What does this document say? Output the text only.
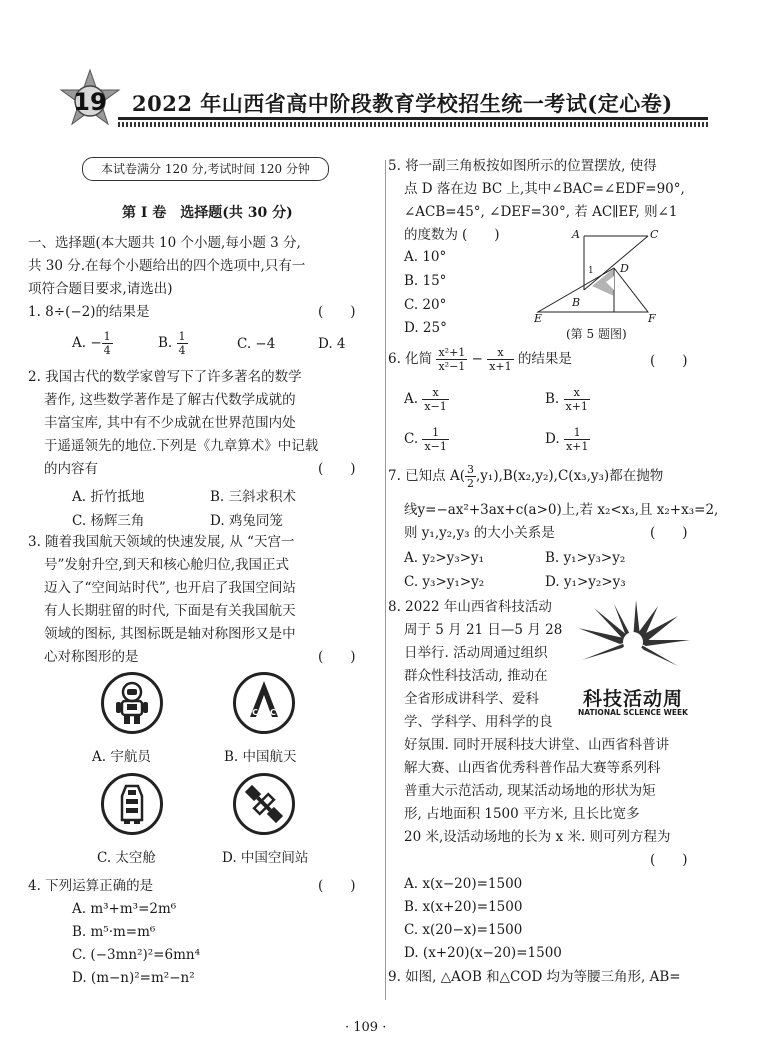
19	2022 年山西省高中阶段教育学校招生统一考试(定心卷)
本试卷满分 120 分,考试时间 120 分钟
第 I 卷　选择题(共 30 分)
一、选择题(本大题共 10 个小题,每小题 3 分,
共 30 分.在每个小题给出的四个选项中,只有一
项符合题目要求,请选出)
1. 8÷(−2)的结果是	(　　)
A. − $\frac{1}{4}$	B. $\frac{1}{4}$	C. −4	D. 4
2. 我国古代的数学家曾写下了许多著名的数学
著作, 这些数学著作是了解古代数学成就的
丰富宝库, 其中有不少成就在世界范围内处
于遥遥领先的地位.下列是《九章算术》中记载
的内容有	(　　)
A. 折竹抵地	B. 三斜求积术
C. 杨辉三角	D. 鸡兔同笼
3. 随着我国航天领域的快速发展, 从 “天宫一
号”发射升空,到天和核心舱归位,我国正式
迈入了“空间站时代”, 也开启了我国空间站
有人长期驻留的时代, 下面是有关我国航天
领域的图标, 其图标既是轴对称图形又是中
心对称图形的是	(　　)
CASC
A. 宇航员	B. 中国航天
C. 太空舱	D. 中国空间站
4. 下列运算正确的是	(　　)
A. m³+m³=2m⁶
B. m⁵·m=m⁶
C. (−3mn²)²=6mn⁴
D. (m−n)²=m²−n²
5. 将一副三角板按如图所示的位置摆放, 使得
点 D 落在边 BC 上,其中∠BAC=∠EDF=90°,
∠ACB=45°, ∠DEF=30°, 若 AC∥EF, 则∠1
的度数为 (　　)
A. 10°
B. 15°
C. 20°
D. 25°
A	C
D
1
B
E	F
(第 5 题图)
6. 化简 $\frac{\text{x²+1}}{\text{x²−1}} - \frac{x}{x+1}$ 的结果是	(　　)
A. $\frac{x}{x-1}$	B. $\frac{x}{x+1}$
C. $\frac{1}{x-1}$	D. $\frac{1}{x+1}$
7. 已知点 $A( \frac{3}{2} ,y_1),B(x_2,y_2),C(x_3,y_3)$都在抛物
线y=−ax²+3ax+c(a>0)上,若 x₂<x₃,且 x₂+x₃=2,
则 y₁,y₂,y₃ 的大小关系是	(　　)
A. y₂>y₃>y₁	B. y₁>y₃>y₂
C. y₃>y₁>y₂	D. y₁>y₂>y₃
8. 2022 年山西省科技活动
周于 5 月 21 日—5 月 28
日举行. 活动周通过组织
群众性科技活动, 推动在
全省形成讲科学、爱科
学、学科学、用科学的良
好氛围. 同时开展科技大讲堂、山西省科普讲
解大赛、山西省优秀科普作品大赛等系列科
普重大示范活动, 现某活动场地的形状为矩
形, 占地面积 1500 平方米, 且长比宽多
20 米,设活动场地的长为 x 米. 则可列方程为
(　　)
科技活动周
NATIONAL SCLENCE WEEK
A. x(x−20)=1500
B. x(x+20)=1500
C. x(20−x)=1500
D. (x+20)(x−20)=1500
9. 如图, △AOB 和△COD 均为等腰三角形, AB=
· 109 ·
